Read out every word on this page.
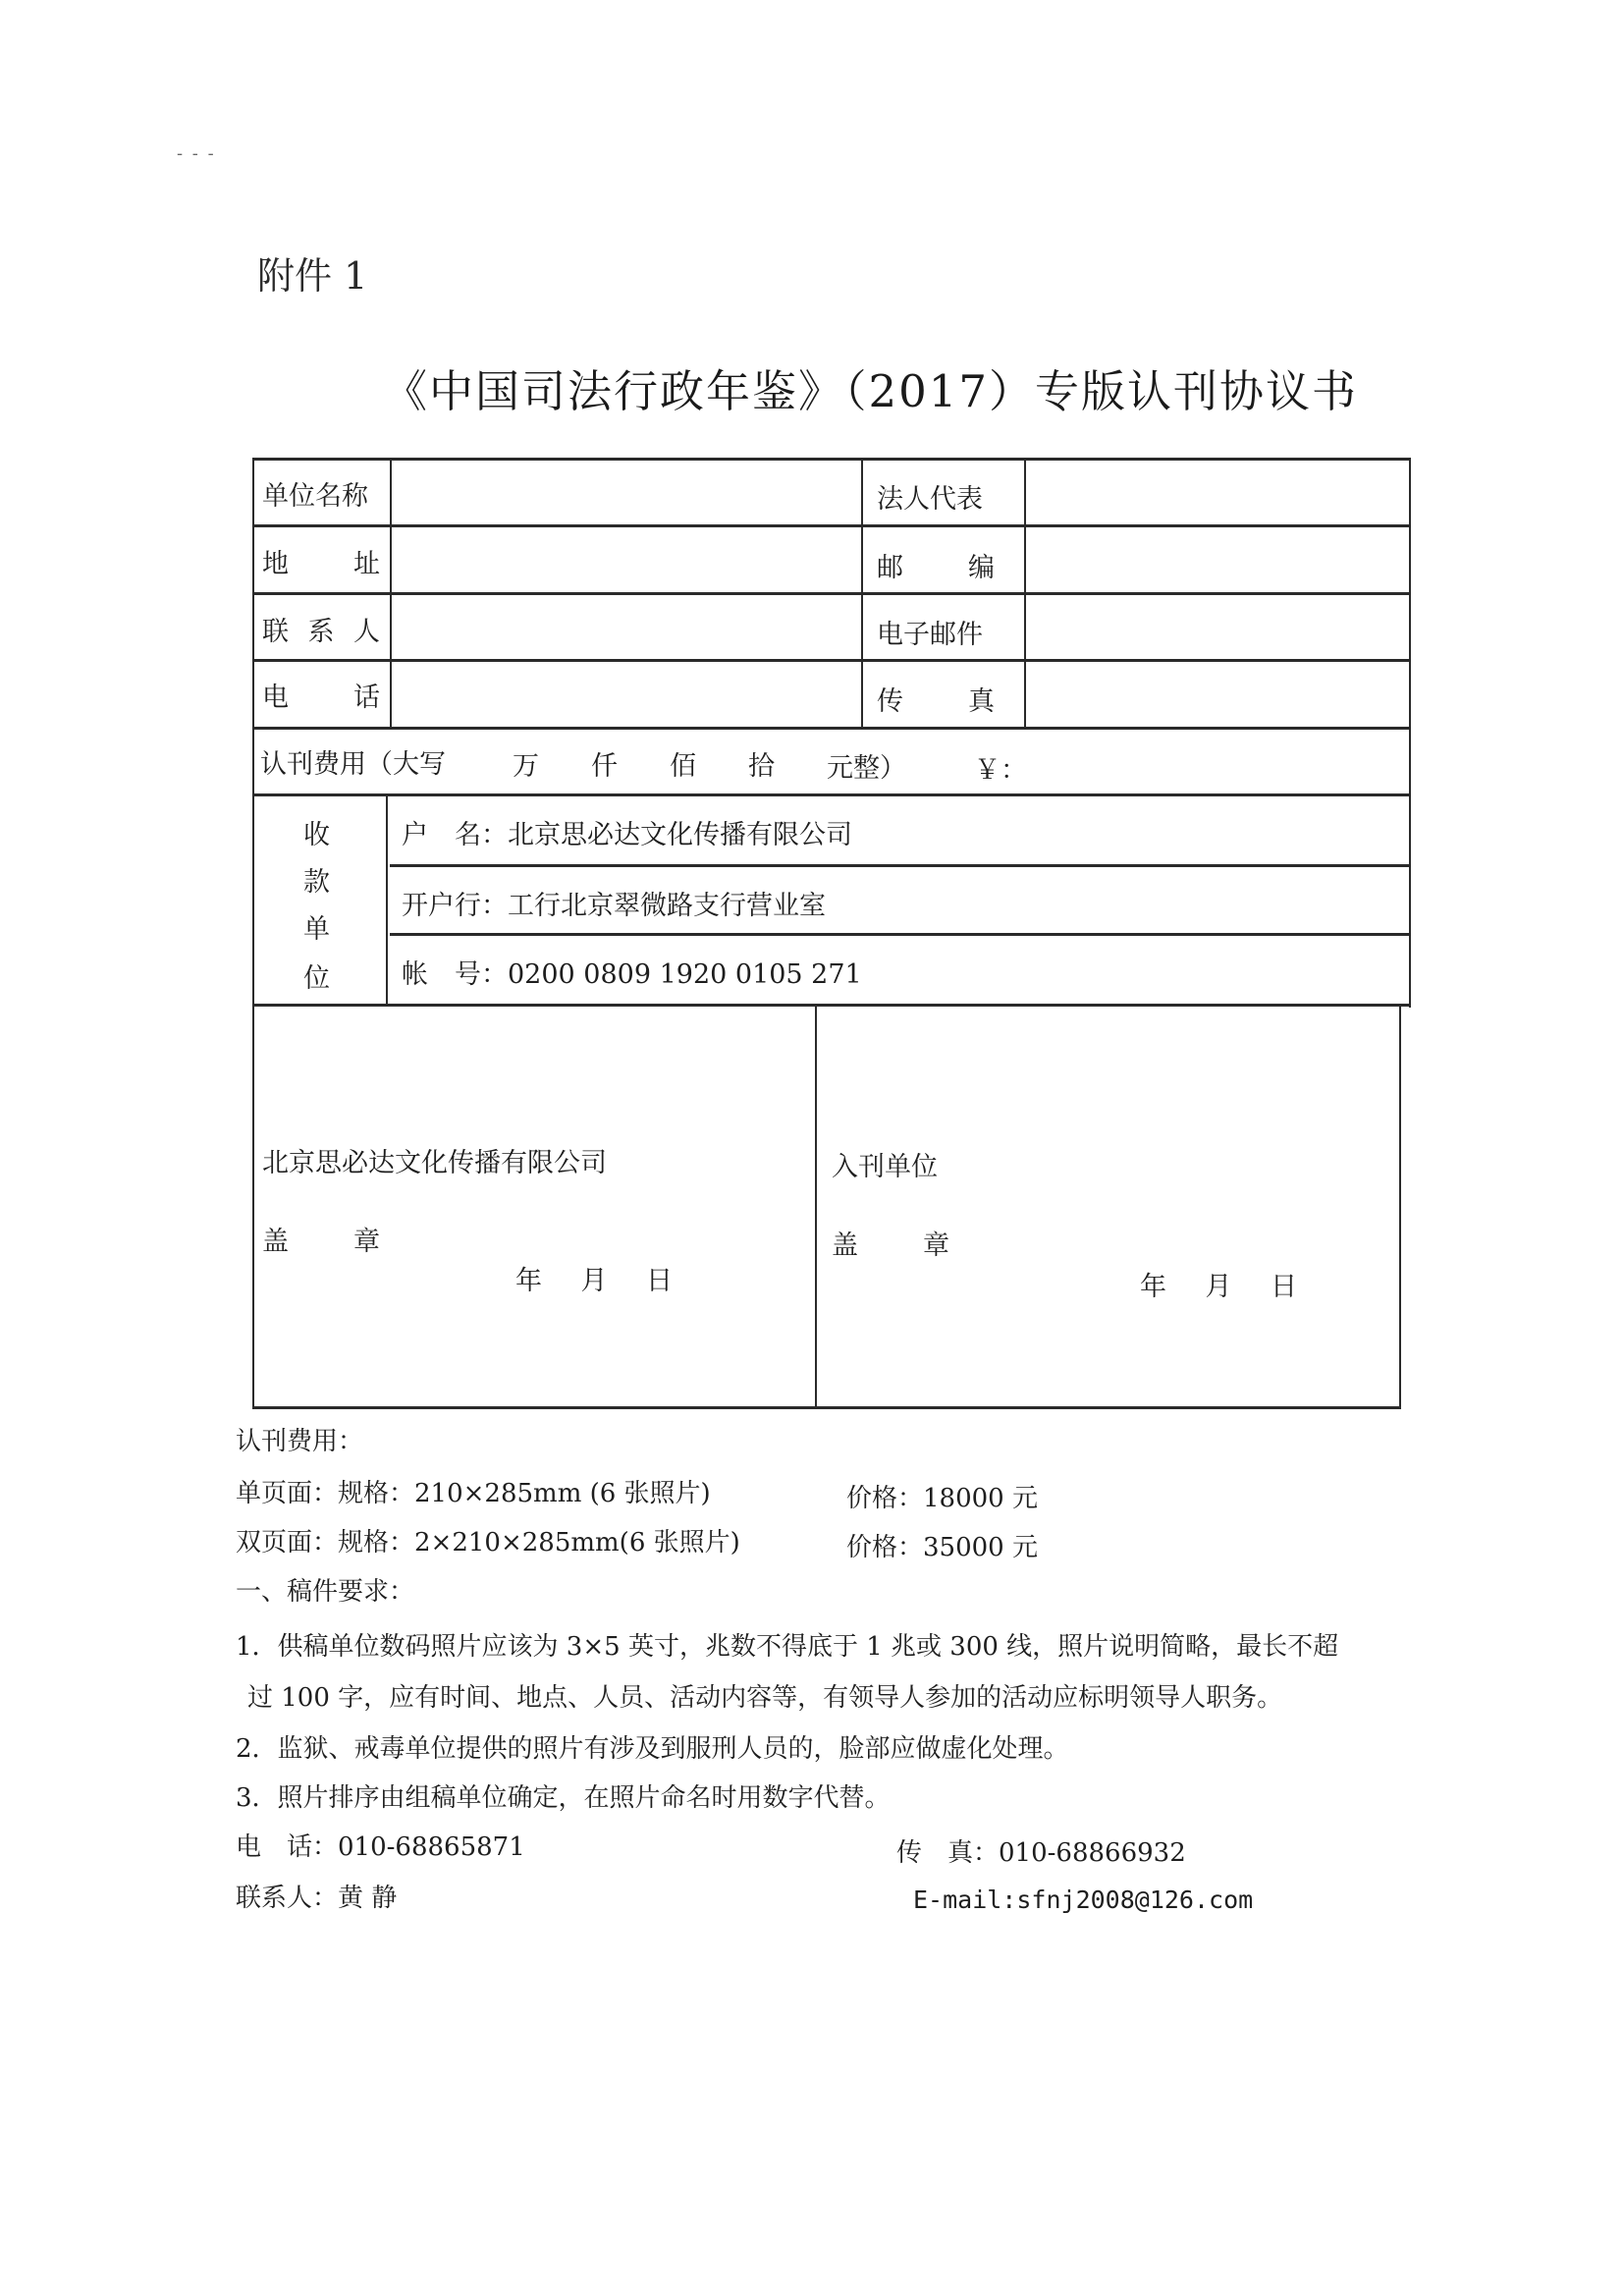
- - -
附件 1
《中国司法行政年鉴》（2017）专版认刊协议书
单位名称	法人代表
地 址	邮 编
联 系 人	电子邮件
电 话	传 真
认刊费用（大写	万 仟 佰 拾 元整）	￥：
收
款
单
位
户　名：北京思必达文化传播有限公司
开户行：工行北京翠微路支行营业室
帐　号：0200 0809 1920 0105 271
北京思必达文化传播有限公司
盖 章
年 月 日
入刊单位
盖 章
年 月 日
认刊费用：
单页面：规格：210×285mm (6 张照片)	价格：18000 元
双页面：规格：2×210×285mm(6 张照片)	价格：35000 元
一、稿件要求：
1．供稿单位数码照片应该为 3×5 英寸，兆数不得底于 1 兆或 300 线，照片说明简略，最长不超
过 100 字，应有时间、地点、人员、活动内容等，有领导人参加的活动应标明领导人职务。
2．监狱、戒毒单位提供的照片有涉及到服刑人员的，脸部应做虚化处理。
3．照片排序由组稿单位确定，在照片命名时用数字代替。
电　话：010-68865871	传　真：010-68866932
联系人：黄 静	E-mail:sfnj2008@126.com
